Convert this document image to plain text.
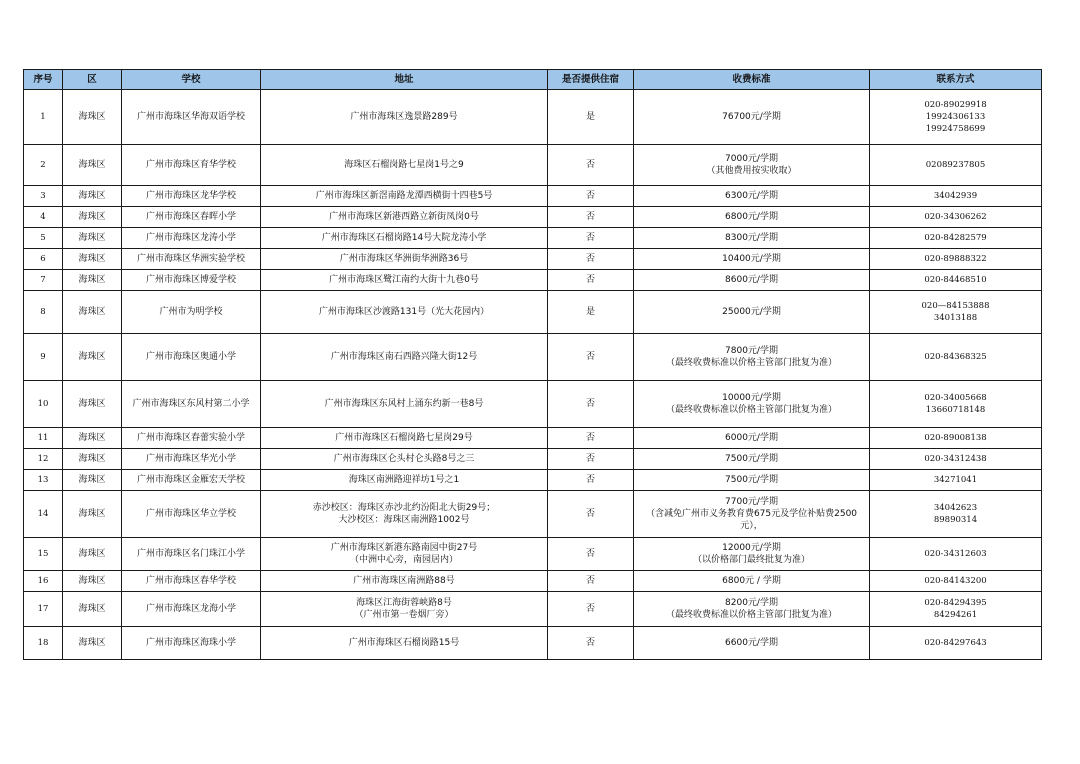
序号	区	学校	地址	是否提供住宿	收费标准	联系方式
1	海珠区	广州市海珠区华海双语学校	广州市海珠区逸景路289号	是	76700元/学期	020-89029918
19924306133
19924758699
2	海珠区	广州市海珠区育华学校	海珠区石榴岗路七星岗1号之9	否	7000元/学期
（其他费用按实收取）	02089237805
3	海珠区	广州市海珠区龙华学校	广州市海珠区新滘南路龙潭西横街十四巷5号	否	6300元/学期	34042939
4	海珠区	广州市海珠区春晖小学	广州市海珠区新港西路立新街凤岗0号	否	6800元/学期	020-34306262
5	海珠区	广州市海珠区龙涛小学	广州市海珠区石榴岗路14号大院龙涛小学	否	8300元/学期	020-84282579
6	海珠区	广州市海珠区华洲实验学校	广州市海珠区华洲街华洲路36号	否	10400元/学期	020-89888322
7	海珠区	广州市海珠区博爱学校	广州市海珠区鹭江南约大街十九巷0号	否	8600元/学期	020-84468510
8	海珠区	广州市为明学校	广州市海珠区沙渡路131号（光大花园内）	是	25000元/学期	020—84153888
34013188
9	海珠区	广州市海珠区奥通小学	广州市海珠区南石西路兴隆大街12号	否	7800元/学期
（最终收费标准以价格主管部门批复为准）	020-84368325
10	海珠区	广州市海珠区东风村第二小学	广州市海珠区东风村上涌东约新一巷8号	否	10000元/学期
（最终收费标准以价格主管部门批复为准）	020-34005668
13660718148
11	海珠区	广州市海珠区春蕾实验小学	广州市海珠区石榴岗路七星岗29号	否	6000元/学期	020-89008138
12	海珠区	广州市海珠区华光小学	广州市海珠区仑头村仑头路8号之三	否	7500元/学期	020-34312438
13	海珠区	广州市海珠区金雁宏天学校	海珠区南洲路迎祥坊1号之1	否	7500元/学期	34271041
14	海珠区	广州市海珠区华立学校	赤沙校区：海珠区赤沙北约汾阳北大街29号；
大沙校区：海珠区南洲路1002号	否	7700元/学期
（含减免广州市义务教育费675元及学位补贴费2500元），	34042623
89890314
15	海珠区	广州市海珠区名门珠江小学	广州市海珠区新港东路南园中街27号
（中洲中心旁，南园居内）	否	12000元/学期
（以价格部门最终批复为准）	020-34312603
16	海珠区	广州市海珠区春华学校	广州市海珠区南洲路88号	否	6800元 / 学期	020-84143200
17	海珠区	广州市海珠区龙海小学	海珠区江海街蓉峡路8号
（广州市第一卷烟厂旁）	否	8200元/学期
（最终收费标准以价格主管部门批复为准）	020-84294395
84294261
18	海珠区	广州市海珠区海珠小学	广州市海珠区石榴岗路15号	否	6600元/学期	020-84297643
